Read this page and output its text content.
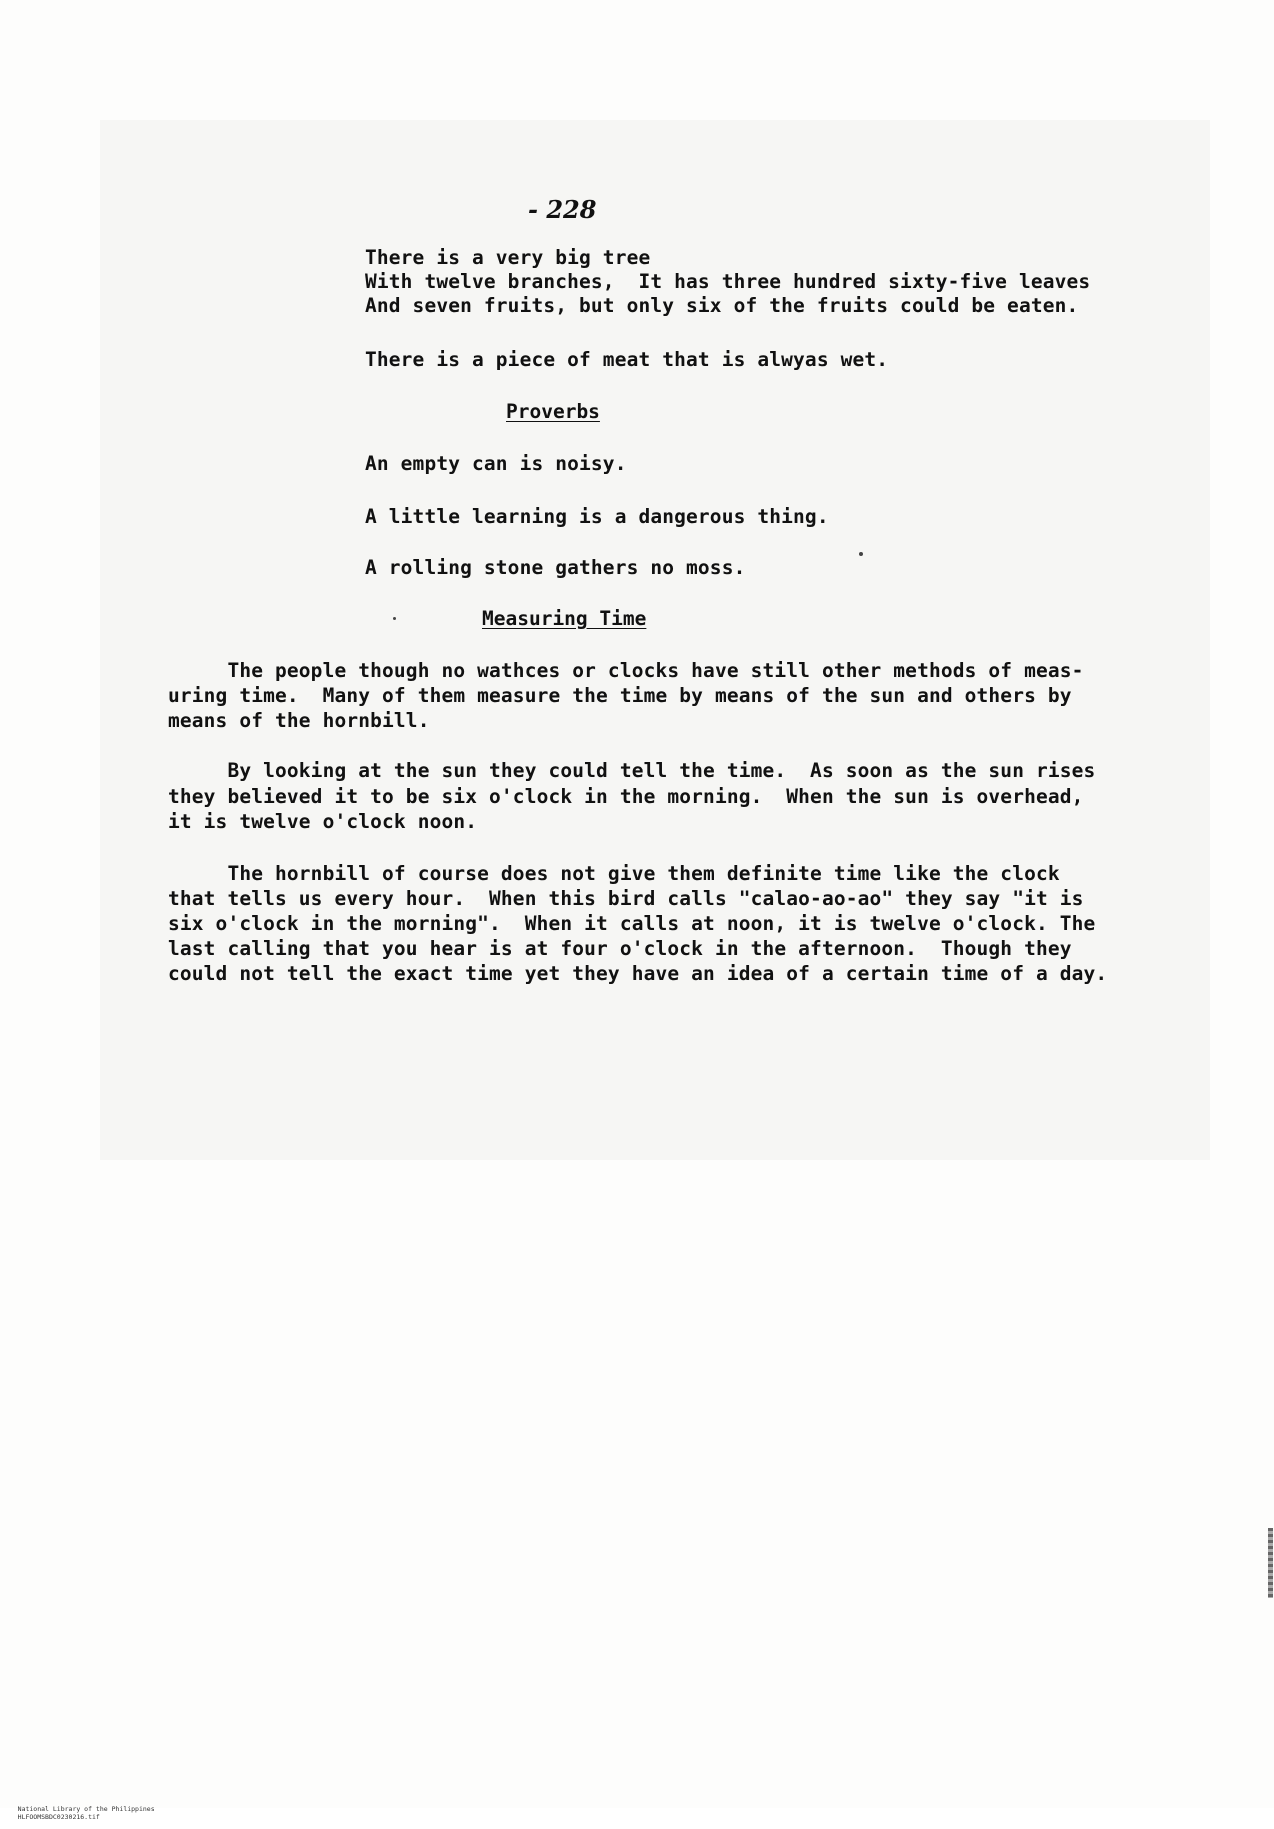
- 228
There is a very big tree
With twelve branches,  It has three hundred sixty-five leaves
And seven fruits, but only six of the fruits could be eaten.
There is a piece of meat that is alwyas wet.
Proverbs
An empty can is noisy.
A little learning is a dangerous thing.
A rolling stone gathers no moss.
Measuring Time
The people though no wathces or clocks have still other methods of meas-
uring time.  Many of them measure the time by means of the sun and others by
means of the hornbill.
By looking at the sun they could tell the time.  As soon as the sun rises
they believed it to be six o'clock in the morning.  When the sun is overhead,
it is twelve o'clock noon.
The hornbill of course does not give them definite time like the clock
that tells us every hour.  When this bird calls "calao-ao-ao" they say "it is
six o'clock in the morning".  When it calls at noon, it is twelve o'clock. The
last calling that you hear is at four o'clock in the afternoon.  Though they
could not tell the exact time yet they have an idea of a certain time of a day.

National Library of the Philippines
HLFOOMSBDC0230216.tif
